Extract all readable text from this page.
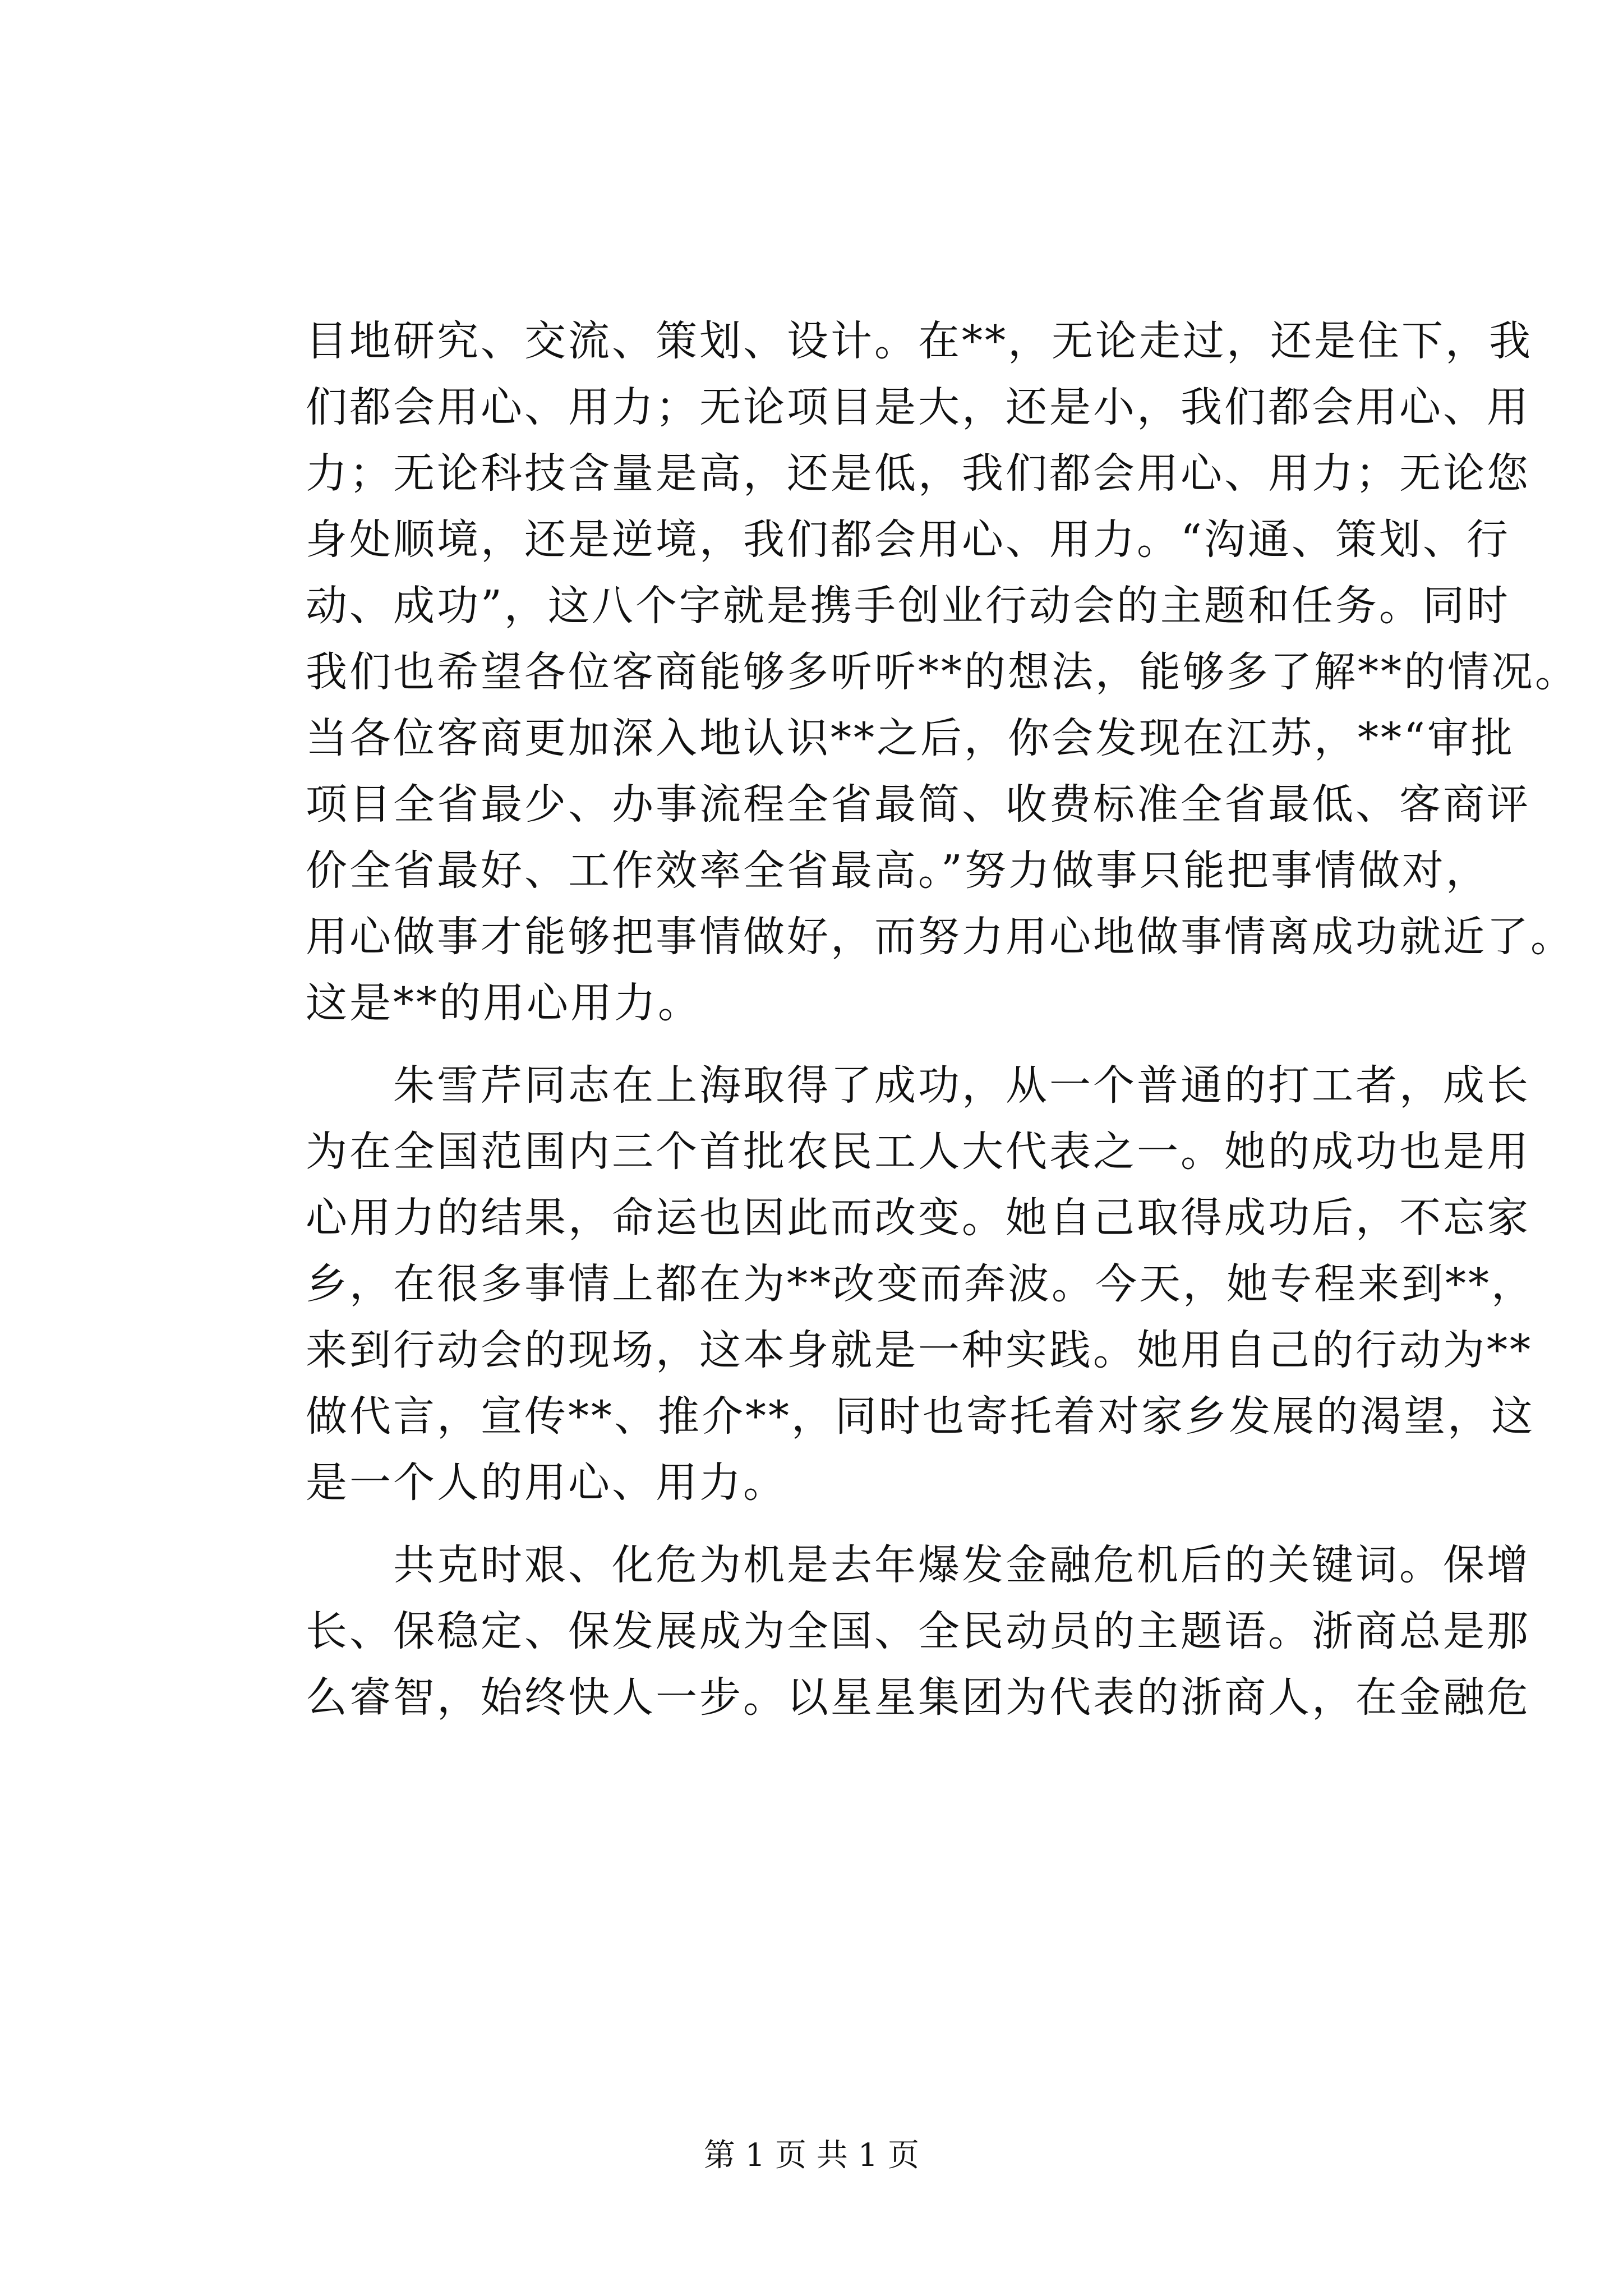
目地研究、交流、策划、设计。在**，无论走过，还是住下，我
们都会用心、用力；无论项目是大，还是小，我们都会用心、用
力；无论科技含量是高，还是低，我们都会用心、用力；无论您
身处顺境，还是逆境，我们都会用心、用力。“沟通、策划、行
动、成功”，这八个字就是携手创业行动会的主题和任务。同时
我们也希望各位客商能够多听听**的想法，能够多了解**的情况。
当各位客商更加深入地认识**之后，你会发现在江苏，**“审批
项目全省最少、办事流程全省最简、收费标准全省最低、客商评
价全省最好、工作效率全省最高。”努力做事只能把事情做对，
用心做事才能够把事情做好，而努力用心地做事情离成功就近了。
这是**的用心用力。
　　朱雪芹同志在上海取得了成功，从一个普通的打工者，成长
为在全国范围内三个首批农民工人大代表之一。她的成功也是用
心用力的结果，命运也因此而改变。她自己取得成功后，不忘家
乡，在很多事情上都在为**改变而奔波。今天，她专程来到**，
来到行动会的现场，这本身就是一种实践。她用自己的行动为**
做代言，宣传**、推介**，同时也寄托着对家乡发展的渴望，这
是一个人的用心、用力。
　　共克时艰、化危为机是去年爆发金融危机后的关键词。保增
长、保稳定、保发展成为全国、全民动员的主题语。浙商总是那
么睿智，始终快人一步。以星星集团为代表的浙商人，在金融危
第 1 页 共 1 页
